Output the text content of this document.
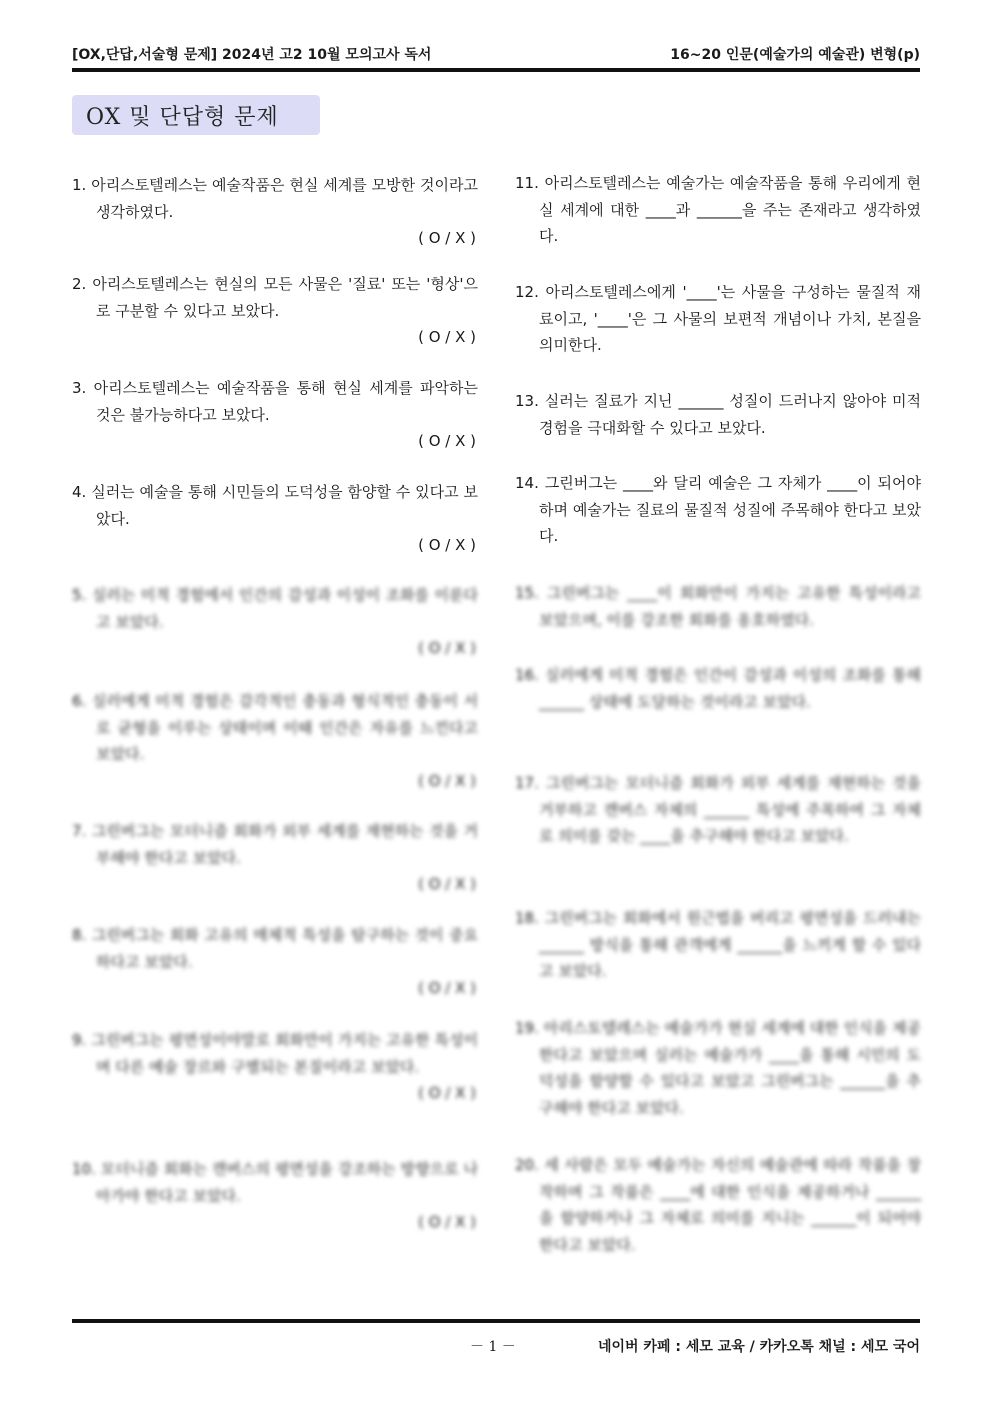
[OX,단답,서술형 문제] 2024년 고2 10월 모의고사 독서	16~20 인문(예술가의 예술관) 변형(p)
OX 및 단답형 문제
1. 아리스토텔레스는 예술작품은 현실 세계를 모방한 것이라고 생각하였다.
( O / X )
2. 아리스토텔레스는 현실의 모든 사물은 '질료' 또는 '형상'으로 구분할 수 있다고 보았다.
( O / X )
3. 아리스토텔레스는 예술작품을 통해 현실 세계를 파악하는 것은 불가능하다고 보았다.
( O / X )
4. 실러는 예술을 통해 시민들의 도덕성을 함양할 수 있다고 보았다.
( O / X )
5. 실러는 미적 경험에서 인간의 감성과 이성이 조화를 이룬다고 보았다.
( O / X )
6. 실러에게 미적 경험은 감각적인 충동과 형식적인 충동이 서로 균형을 이루는 상태이며 이때 인간은 자유를 느낀다고 보았다.
( O / X )
7. 그린버그는 모더니즘 회화가 외부 세계를 재현하는 것을 거부해야 한다고 보았다.
( O / X )
8. 그린버그는 회화 고유의 매체적 특성을 탐구하는 것이 중요하다고 보았다.
( O / X )
9. 그린버그는 평면성이야말로 회화만이 가지는 고유한 특성이며 다른 예술 장르와 구별되는 본질이라고 보았다.
( O / X )
10. 모더니즘 회화는 캔버스의 평면성을 강조하는 방향으로 나아가야 한다고 보았다.
( O / X )
11. 아리스토텔레스는 예술가는 예술작품을 통해 우리에게 현실 세계에 대한 ____과 ______을 주는 존재라고 생각하였다.
12. 아리스토텔레스에게 '____'는 사물을 구성하는 물질적 재료이고, '____'은 그 사물의 보편적 개념이나 가치, 본질을 의미한다.
13. 실러는 질료가 지닌 ______ 성질이 드러나지 않아야 미적 경험을 극대화할 수 있다고 보았다.
14. 그린버그는 ____와 달리 예술은 그 자체가 ____이 되어야 하며 예술가는 질료의 물질적 성질에 주목해야 한다고 보았다.
15. 그린버그는 ____이 회화만이 가지는 고유한 특성이라고 보았으며, 이를 강조한 회화를 옹호하였다.
16. 실러에게 미적 경험은 인간이 감성과 이성의 조화를 통해 ______ 상태에 도달하는 것이라고 보았다.
17. 그린버그는 모더니즘 회화가 외부 세계를 재현하는 것을 거부하고 캔버스 자체의 ______ 특성에 주목하여 그 자체로 의미를 갖는 ____을 추구해야 한다고 보았다.
18. 그린버그는 회화에서 원근법을 버리고 평면성을 드러내는 ______ 방식을 통해 관객에게 ______을 느끼게 할 수 있다고 보았다.
19. 아리스토텔레스는 예술가가 현실 세계에 대한 인식을 제공한다고 보았으며 실러는 예술가가 ____을 통해 시민의 도덕성을 함양할 수 있다고 보았고 그린버그는 ______을 추구해야 한다고 보았다.
20. 세 사람은 모두 예술가는 자신의 예술관에 따라 작품을 창작하며 그 작품은 ____에 대한 인식을 제공하거나 ______을 함양하거나 그 자체로 의미를 지니는 ______이 되어야 한다고 보았다.
－ 1 －	네이버 카페 : 세모 교육 / 카카오톡 채널 : 세모 국어
